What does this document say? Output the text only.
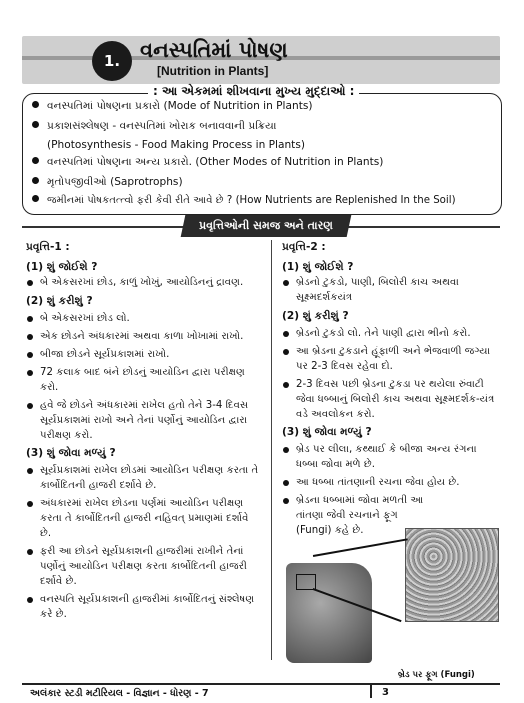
1. વનસ્પતિમાં પોષણ
[Nutrition in Plants]
: આ એકમમાં શીખવાના મુખ્ય મુદ્દાઓ :
વનસ્પતિમાં પોષણના પ્રકારો (Mode of Nutrition in Plants)
પ્રકાશસંશ્લેષણ - વનસ્પતિમાં ખોરાક બનાવવાની પ્રક્રિયા
(Photosynthesis - Food Making Process in Plants)
વનસ્પતિમાં પોષણના અન્ય પ્રકારો. (Other Modes of Nutrition in Plants)
મૃતોપજીવીઓ (Saprotrophs)
જમીનમાં પોષકતત્ત્વો ફરી કેવી રીતે આવે છે ? (How Nutrients are Replenished In the Soil)
પ્રવૃત્તિઓની સમજ અને તારણ
પ્રવૃત્તિ-1 :
(1) શું જોઈશે ?
બે એકસરખાં છોડ, કાળું ખોખું, આયોડિનનું દ્રાવણ.
(2) શું કરીશું ?
બે એકસરખાં છોડ લો.
એક છોડને અંધકારમાં અથવા કાળા ખોખામાં રાખો.
બીજા છોડને સૂર્યપ્રકાશમાં રાખો.
72 કલાક બાદ બંને છોડનું આયોડિન દ્વારા પરીક્ષણ કરો.
હવે જે છોડને અંધકારમાં રાખેલ હતો તેને 3-4 દિવસ સૂર્યપ્રકાશમાં રાખો અને તેનાં પર્ણોનું આયોડિન દ્વારા પરીક્ષણ કરો.
(3) શું જોવા મળ્યું ?
સૂર્યપ્રકાશમાં રાખેલ છોડમાં આયોડિન પરીક્ષણ કરતા તે કાર્બોદિતની હાજરી દર્શાવે છે.
અંધકારમાં રાખેલ છોડના પર્ણમાં આયોડિન પરીક્ષણ કરતા તે કાર્બોદિતની હાજરી નહિવત્ પ્રમાણમાં દર્શાવે છે.
ફરી આ છોડને સૂર્યપ્રકાશની હાજરીમાં રાખીને તેનાં પર્ણોનું આયોડિન પરીક્ષણ કરતા કાર્બોદિતની હાજરી દર્શાવે છે.
વનસ્પતિ સૂર્યપ્રકાશની હાજરીમાં કાર્બોદિતનું સંશ્લેષણ કરે છે.
પ્રવૃત્તિ-2 :
(1) શું જોઈશે ?
બ્રેડનો ટુકડો, પાણી, બિલોરી કાચ અથવા સૂક્ષ્મદર્શકયંત્ર
(2) શું કરીશું ?
બ્રેડનો ટુકડો લો. તેને પાણી દ્વારા ભીનો કરો.
આ બ્રેડના ટુકડાને હૂંફાળી અને ભેજવાળી જગ્યા પર 2-3 દિવસ રહેવા દો.
2-3 દિવસ પછી બ્રેડના ટુકડા પર થયેલા રુંવાટી જેવા ધબ્બાનું બિલોરી કાચ અથવા સૂક્ષ્મદર્શક-યંત્ર વડે અવલોકન કરો.
(3) શું જોવા મળ્યું ?
બ્રેડ પર લીલા, કથ્થાઈ કે બીજા અન્ય રંગના ધબ્બા જોવા મળે છે.
આ ધબ્બા તાંતણાની રચના જેવા હોય છે.
બ્રેડના ધબ્બામાં જોવા મળતી આ તાંતણા જેવી રચનાને ફૂગ (Fungi) કહે છે.
બ્રેડ પર ફૂગ (Fungi)
અલંકાર સ્ટડી મટીરિયલ - વિજ્ઞાન - ધોરણ - 7	3
